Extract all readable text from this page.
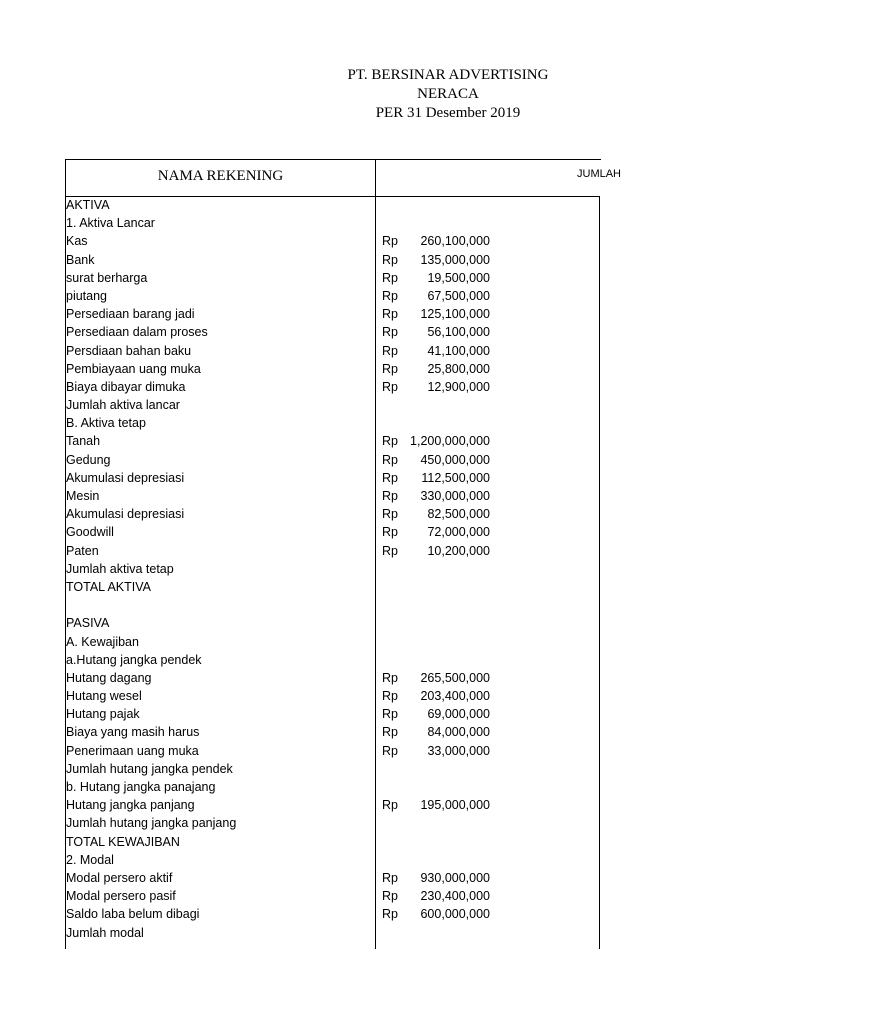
PT. BERSINAR ADVERTISING
NERACA
PER 31 Desember 2019
NAMA REKENING	JUMLAH
AKTIVA
1. Aktiva Lancar
Kas	Rp	260,100,000
Bank	Rp	135,000,000
surat berharga	Rp	19,500,000
piutang	Rp	67,500,000
Persediaan barang jadi	Rp	125,100,000
Persediaan dalam proses	Rp	56,100,000
Persdiaan bahan baku	Rp	41,100,000
Pembiayaan uang muka	Rp	25,800,000
Biaya dibayar dimuka	Rp	12,900,000
Jumlah aktiva lancar
B. Aktiva tetap
Tanah	Rp 1,200,000,000
Gedung	Rp	450,000,000
Akumulasi depresiasi	Rp	112,500,000
Mesin	Rp	330,000,000
Akumulasi depresiasi	Rp	82,500,000
Goodwill	Rp	72,000,000
Paten	Rp	10,200,000
Jumlah aktiva tetap
TOTAL AKTIVA
PASIVA
A. Kewajiban
a.Hutang jangka pendek
Hutang dagang	Rp	265,500,000
Hutang wesel	Rp	203,400,000
Hutang pajak	Rp	69,000,000
Biaya yang masih harus	Rp	84,000,000
Penerimaan uang muka	Rp	33,000,000
Jumlah hutang jangka pendek
b. Hutang jangka panajang
Hutang jangka panjang	Rp	195,000,000
Jumlah hutang jangka panjang
TOTAL KEWAJIBAN
2. Modal
Modal persero aktif	Rp	930,000,000
Modal persero pasif	Rp	230,400,000
Saldo laba belum dibagi	Rp	600,000,000
Jumlah modal
